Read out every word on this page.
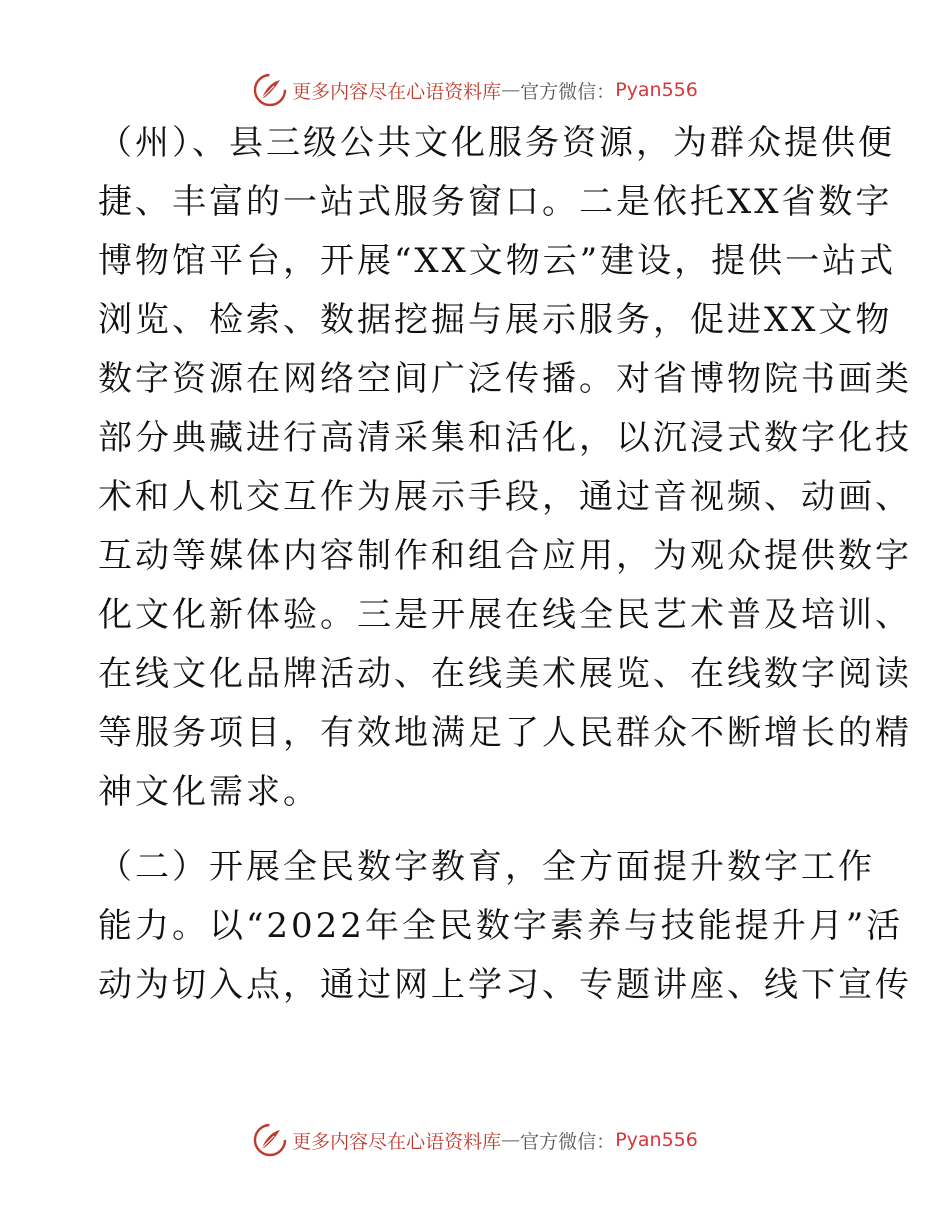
更多内容尽在心语资料库 — 官方微信： Pyan556

（州）、县三级公共文化服务资源，为群众提供便

捷、丰富的一站式服务窗口。二是依托XX省数字

博物馆平台，开展“XX文物云”建设，提供一站式

浏览、检索、数据挖掘与展示服务，促进XX文物

数字资源在网络空间广泛传播。对省博物院书画类

部分典藏进行高清采集和活化，以沉浸式数字化技

术和人机交互作为展示手段，通过音视频、动画、

互动等媒体内容制作和组合应用，为观众提供数字

化文化新体验。三是开展在线全民艺术普及培训、

在线文化品牌活动、在线美术展览、在线数字阅读

等服务项目，有效地满足了人民群众不断增长的精

神文化需求。

（二）开展全民数字教育，全方面提升数字工作

能力。以“2022年全民数字素养与技能提升月”活

动为切入点，通过网上学习、专题讲座、线下宣传

更多内容尽在心语资料库 — 官方微信： Pyan556
